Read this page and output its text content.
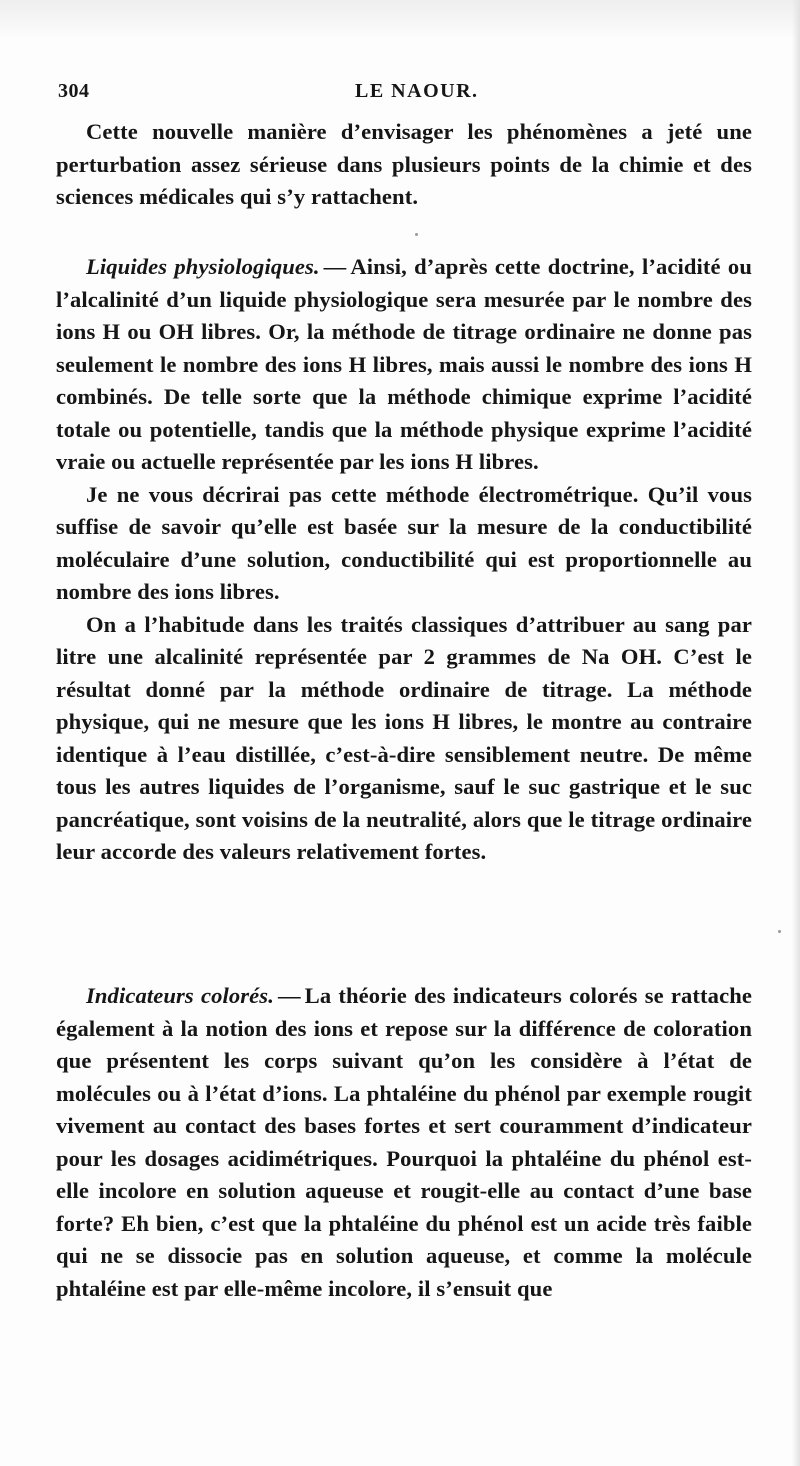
304	LE NAOUR.

Cette nouvelle manière d’envisager les phénomènes a jeté une perturbation assez sérieuse dans plusieurs points de la chimie et des sciences médicales qui s’y rattachent.

Liquides physiologiques. — Ainsi, d’après cette doctrine, l’acidité ou l’alcalinité d’un liquide physiologique sera mesurée par le nombre des ions H ou OH libres. Or, la méthode de titrage ordinaire ne donne pas seulement le nombre des ions H libres, mais aussi le nombre des ions H combinés. De telle sorte que la méthode chimique exprime l’acidité totale ou potentielle, tandis que la méthode physique exprime l’acidité vraie ou actuelle représentée par les ions H libres.

Je ne vous décrirai pas cette méthode électrométrique. Qu’il vous suffise de savoir qu’elle est basée sur la mesure de la conductibilité moléculaire d’une solution, conductibilité qui est proportionnelle au nombre des ions libres.

On a l’habitude dans les traités classiques d’attribuer au sang par litre une alcalinité représentée par 2 grammes de Na OH. C’est le résultat donné par la méthode ordinaire de titrage. La méthode physique, qui ne mesure que les ions H libres, le montre au contraire identique à l’eau distillée, c’est-à-dire sensiblement neutre. De même tous les autres liquides de l’organisme, sauf le suc gastrique et le suc pancréatique, sont voisins de la neutralité, alors que le titrage ordinaire leur accorde des valeurs relativement fortes.

Indicateurs colorés. — La théorie des indicateurs colorés se rattache également à la notion des ions et repose sur la différence de coloration que présentent les corps suivant qu’on les considère à l’état de molécules ou à l’état d’ions. La phtaléine du phénol par exemple rougit vivement au contact des bases fortes et sert couramment d’indicateur pour les dosages acidimétriques. Pourquoi la phtaléine du phénol est-elle incolore en solution aqueuse et rougit-elle au contact d’une base forte? Eh bien, c’est que la phtaléine du phénol est un acide très faible qui ne se dissocie pas en solution aqueuse, et comme la molécule phtaléine est par elle-même incolore, il s’ensuit que
